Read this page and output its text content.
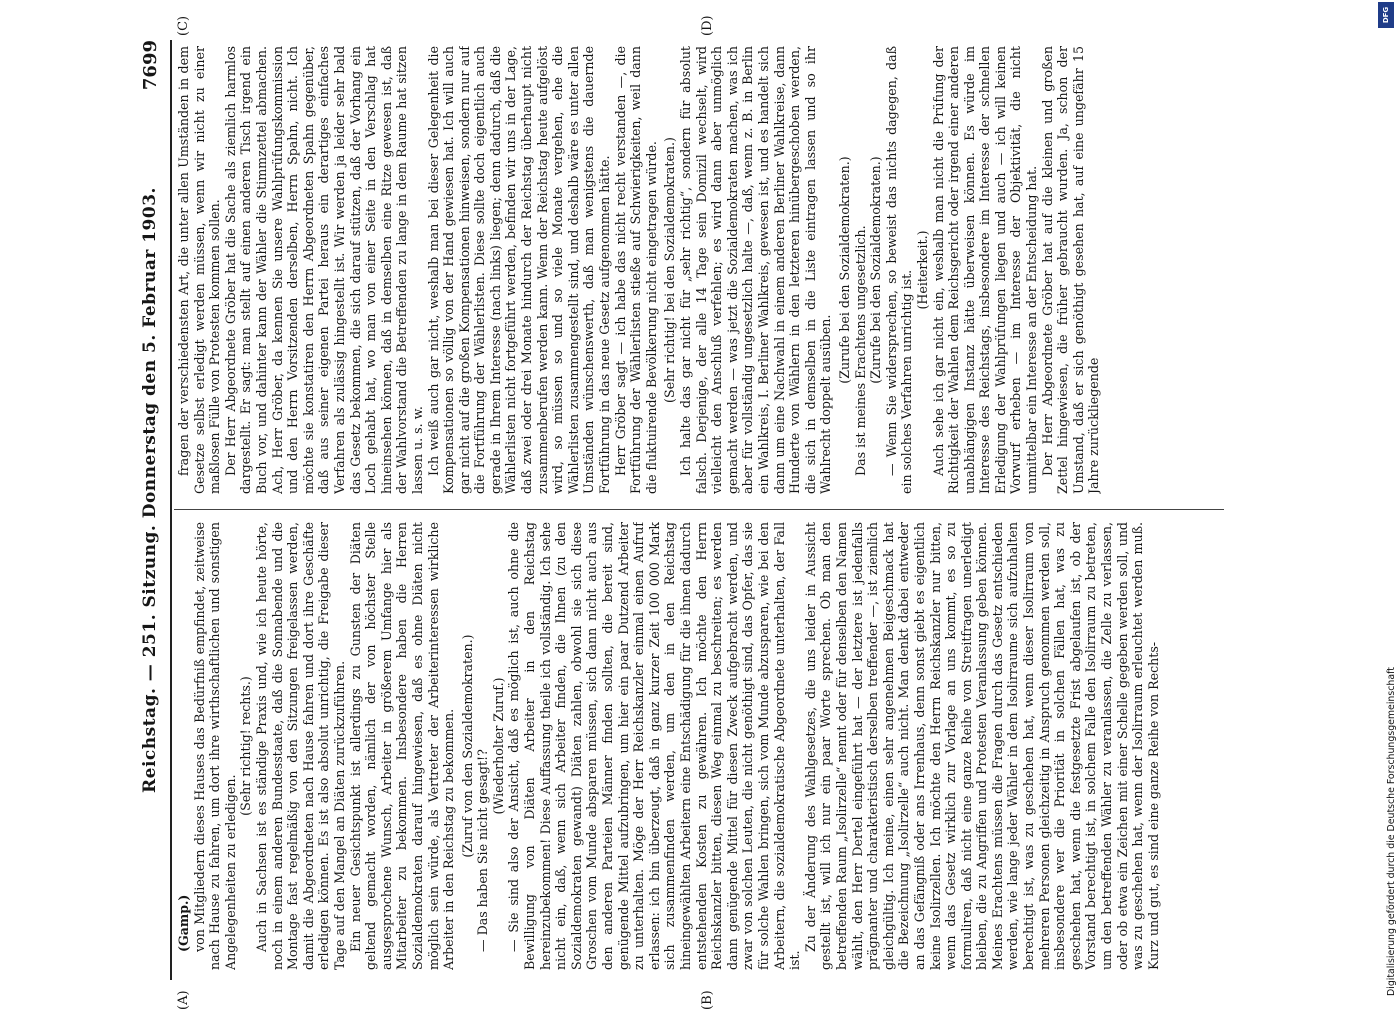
Reichstag. — 251. Sitzung. Donnerstag den 5. Februar 1903.
7699
(A)	(B)
(C)	(D)

(Gamp.) von Mitgliedern dieses Hauses das Bedürfniß empfindet, zeitweise nach Hause zu fahren, um dort ihre wirthschaftlichen und sonstigen Angelegenheiten zu erledigen.

(Sehr richtig! rechts.) Auch in Sachsen ist es ständige Praxis und, wie ich heute hörte, noch in einem anderen Bundesstaate, daß die Sonnabende und die Montage fast regelmäßig von den Sitzungen freigelassen werden, damit die Abgeordneten nach Hause fahren und dort ihre Geschäfte erledigen können. Es ist also absolut unrichtig, die Freigabe dieser Tage auf den Mangel an Diäten zurückzuführen. Ein neuer Gesichtspunkt ist allerdings zu Gunsten der Diäten geltend gemacht worden, nämlich der von höchster Stelle ausgesprochene Wunsch, Arbeiter in größerem Umfange hier als Mitarbeiter zu bekommen. Insbesondere haben die Herren Sozialdemokraten darauf hingewiesen, daß es ohne Diäten nicht möglich sein würde, als Vertreter der Arbeiterinteressen wirkliche Arbeiter in den Reichstag zu bekommen. (Zuruf von den Sozialdemokraten.) — Das haben Sie nicht gesagt!?

(Wiederholter Zuruf.) — Sie sind also der Ansicht, daß es möglich ist, auch ohne die Bewilligung von Diäten Arbeiter in den Reichstag hereinzubekommen! Diese Auffassung theile ich vollständig. Ich sehe nicht ein, daß, wenn sich Arbeiter finden, die Ihnen (zu den Sozialdemokraten gewandt) Diäten zahlen, obwohl sie sich diese Groschen vom Munde absparen müssen, sich dann nicht auch aus den anderen Parteien Männer finden sollten, die bereit sind, genügende Mittel aufzubringen, um hier ein paar Dutzend Arbeiter zu unterhalten. Möge der Herr Reichskanzler einmal einen Aufruf erlassen: ich bin überzeugt, daß in ganz kurzer Zeit 100 000 Mark sich zusammenfinden werden, um den in den Reichstag hineingewählten Arbeitern eine Entschädigung für die ihnen dadurch entstehenden Kosten zu gewähren. Ich möchte den Herrn Reichskanzler bitten, diesen Weg einmal zu beschreiten; es werden dann genügende Mittel für diesen Zweck aufgebracht werden, und zwar von solchen Leuten, die nicht genöthigt sind, das Opfer, das sie für solche Wahlen bringen, sich vom Munde abzusparen, wie bei den Arbeitern, die sozialdemokratische Abgeordnete unterhalten, der Fall ist.

Zu der Änderung des Wahlgesetzes, die uns leider in Aussicht gestellt ist, will ich nur ein paar Worte sprechen. Ob man den betreffenden Raum „Isolirzelle“ nennt oder für denselben den Namen wählt, den Herr Dertel eingeführt hat — der letztere ist jedenfalls prägnanter und charakteristisch derselben treffender —, ist ziemlich gleichgültig. Ich meine, einen sehr angenehmen Beigeschmack hat die Bezeichnung „Isolirzelle“ auch nicht. Man denkt dabei entweder an das Gefängniß oder ans Irrenhaus, denn sonst giebt es eigentlich keine Isolirzellen. Ich möchte den Herrn Reichskanzler nur bitten, wenn das Gesetz wirklich zur Vorlage an uns kommt, es so zu formuliren, daß nicht eine ganze Reihe von Streitfragen unerledigt bleiben, die zu Angriffen und Protesten Veranlassung geben können. Meines Erachtens müssen die Fragen durch das Gesetz entschieden werden, wie lange jeder Wähler in dem Isolirraume sich aufzuhalten berechtigt ist, was zu geschehen hat, wenn dieser Isolirraum von mehreren Personen gleichzeitig in Anspruch genommen werden soll, insbesondere wer die Priorität in solchen Fällen hat, was zu geschehen hat, wenn die festgesetzte Frist abgelaufen ist, ob der Vorstand berechtigt ist, in solchem Falle den Isolirraum zu betreten, um den betreffenden Wähler zu veranlassen, die Zelle zu verlassen, oder ob etwa ein Zeichen mit einer Schelle gegeben werden soll, und was zu geschehen hat, wenn der Isolirraum erleuchtet werden muß. Kurz und gut, es sind eine ganze Reihe von Rechts-

fragen der verschiedensten Art, die unter allen Umständen in dem Gesetze selbst erledigt werden müssen, wenn wir nicht zu einer maßlosen Fülle von Protesten kommen sollen. Der Herr Abgeordnete Gröber hat die Sache als ziemlich harmlos dargestellt. Er sagt: man stellt auf einen anderen Tisch irgend ein Buch vor, und dahinter kann der Wähler die Stimmzettel abmachen. Ach, Herr Gröber, da kennen Sie unsere Wahlprüfungskommission und den Herrn Vorsitzenden derselben, Herrn Spahn, nicht. Ich möchte sie konstatiren den Herrn Abgeordneten Spahn gegenüber, daß aus seiner eigenen Partei heraus ein derartiges einfaches Verfahren als zulässig hingestellt ist. Wir werden ja leider sehr bald das Gesetz bekommen, die sich darauf stützen, daß der Vorhang ein Loch gehabt hat, wo man von einer Seite in den Verschlag hat hineinsehen können, daß in demselben eine Ritze gewesen ist, daß der Wahlvorstand die Betreffenden zu lange in dem Raume hat sitzen lassen u. s. w. Ich weiß auch gar nicht, weshalb man bei dieser Gelegenheit die Kompensationen so völlig von der Hand gewiesen hat. Ich will auch gar nicht auf die großen Kompensationen hinweisen, sondern nur auf die Fortführung der Wählerlisten. Diese sollte doch eigentlich auch gerade in Ihrem Interesse (nach links) liegen; denn dadurch, daß die Wählerlisten nicht fortgeführt werden, befinden wir uns in der Lage, daß zwei oder drei Monate hindurch der Reichstag überhaupt nicht zusammenberufen werden kann. Wenn der Reichstag heute aufgelöst wird, so müssen so und so viele Monate vergehen, ehe die Wählerlisten zusammengestellt sind, und deshalb wäre es unter allen Umständen wünschenswerth, daß man wenigstens die dauernde Fortführung in das neue Gesetz aufgenommen hätte. Herr Gröber sagt — ich habe das nicht recht verstanden —, die Fortführung der Wählerlisten stieße auf Schwierigkeiten, weil dann die fluktuirende Bevölkerung nicht eingetragen würde. (Sehr richtig! bei den Sozialdemokraten.) Ich halte das gar nicht für „sehr richtig“, sondern für absolut falsch. Derjenige, der alle 14 Tage sein Domizil wechselt, wird vielleicht den Anschluß verfehlen; es wird dann aber unmöglich gemacht werden — was jetzt die Sozialdemokraten machen, was ich aber für vollständig ungesetzlich halte —, daß, wenn z. B. in Berlin ein Wahlkreis, I. Berliner Wahlkreis, gewesen ist, und es handelt sich dann um eine Nachwahl in einem anderen Berliner Wahlkreise, dann Hunderte von Wählern in den letzteren hinübergeschoben werden, die sich in demselben in die Liste eintragen lassen und so ihr Wahlrecht doppelt ausüben.

(Zurufe bei den Sozialdemokraten.) Das ist meines Erachtens ungesetzlich. (Zurufe bei den Sozialdemokraten.) — Wenn Sie widersprechen, so beweist das nichts dagegen, daß ein solches Verfahren unrichtig ist. (Heiterkeit.) Auch sehe ich gar nicht ein, weshalb man nicht die Prüfung der Richtigkeit der Wahlen dem Reichsgericht oder irgend einer anderen unabhängigen Instanz hätte überweisen können. Es würde im Interesse des Reichstags, insbesondere im Interesse der schnellen Erledigung der Wahlprüfungen liegen und auch — ich will keinen Vorwurf erheben — im Interesse der Objektivität, die nicht unmittelbar ein Interesse an der Entscheidung hat. Der Herr Abgeordnete Gröber hat auf die kleinen und großen Zettel hingewiesen, die früher gebraucht wurden. Ja, schon der Umstand, daß er sich genöthigt gesehen hat, auf eine ungefähr 15 Jahre zurückliegende

Digitalisierung gefördert durch die Deutsche Forschungsgemeinschaft
DFG
